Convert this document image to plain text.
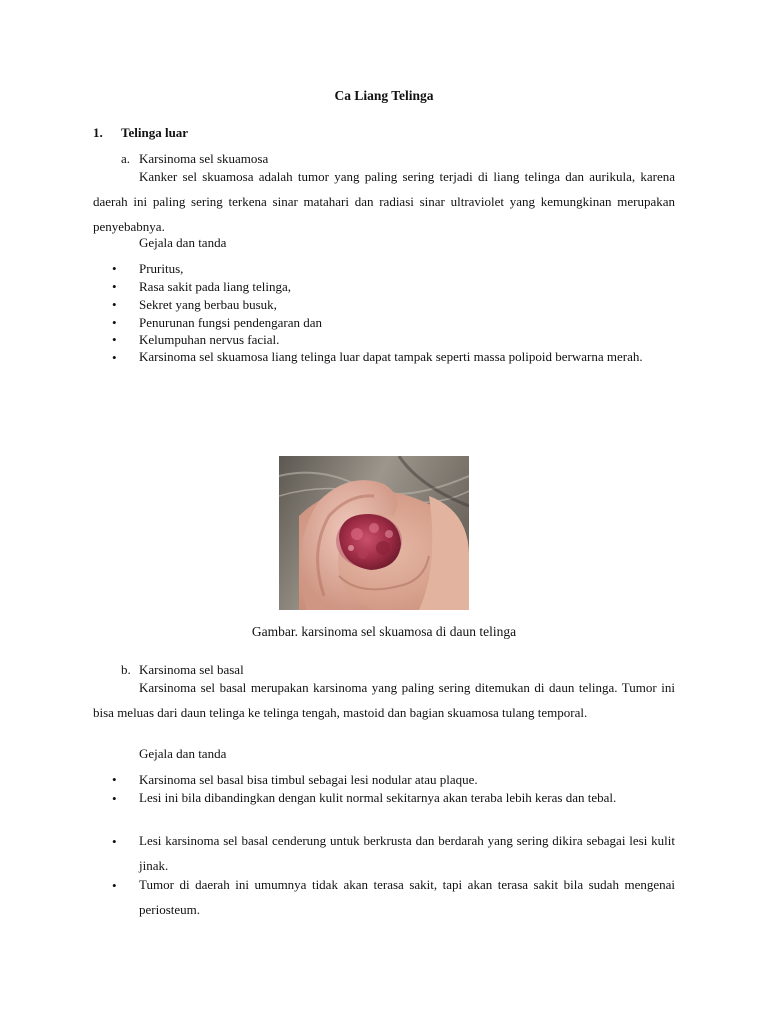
Ca Liang Telinga
1. Telinga luar
a. Karsinoma sel skuamosa
Kanker sel skuamosa adalah tumor yang paling sering terjadi di liang telinga dan aurikula, karena daerah ini paling sering terkena sinar matahari dan radiasi sinar ultraviolet yang kemungkinan merupakan penyebabnya.
Gejala dan tanda
• Pruritus,
• Rasa sakit pada liang telinga,
• Sekret yang berbau busuk,
• Penurunan fungsi pendengaran dan
• Kelumpuhan nervus facial.
• Karsinoma sel skuamosa liang telinga luar dapat tampak seperti massa polipoid berwarna merah.
Gambar. karsinoma sel skuamosa di daun telinga
b. Karsinoma sel basal
Karsinoma sel basal merupakan karsinoma yang paling sering ditemukan di daun telinga. Tumor ini bisa meluas dari daun telinga ke telinga tengah, mastoid dan bagian skuamosa tulang temporal.
Gejala dan tanda
• Karsinoma sel basal bisa timbul sebagai lesi nodular atau plaque.
• Lesi ini bila dibandingkan dengan kulit normal sekitarnya akan teraba lebih keras dan tebal.
• Lesi karsinoma sel basal cenderung untuk berkrusta dan berdarah yang sering dikira sebagai lesi kulit jinak.
• Tumor di daerah ini umumnya tidak akan terasa sakit, tapi akan terasa sakit bila sudah mengenai periosteum.
